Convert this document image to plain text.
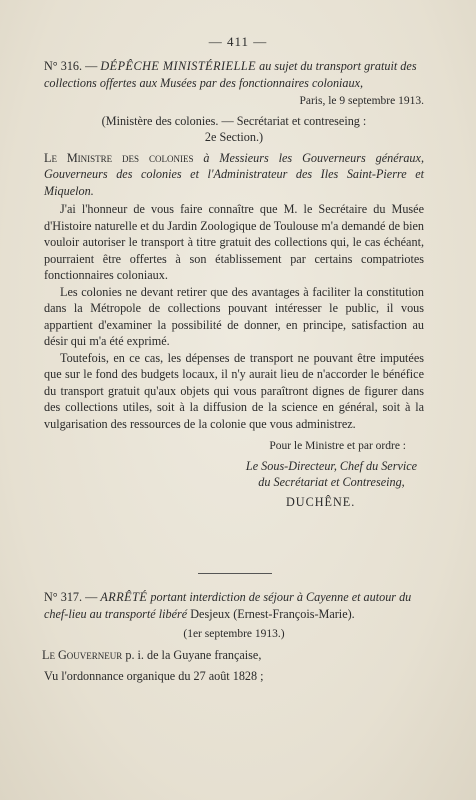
— 411 —

N° 316. — DÉPÊCHE MINISTÉRIELLE au sujet du transport gratuit des collections offertes aux Musées par des fonctionnaires coloniaux,

Paris, le 9 septembre 1913.

(Ministère des colonies. — Secrétariat et contreseing :

2e Section.)

Le Ministre des colonies à Messieurs les Gouverneurs généraux, Gouverneurs des colonies et l'Administrateur des Iles Saint-Pierre et Miquelon.

J'ai l'honneur de vous faire connaître que M. le Secrétaire du Musée d'Histoire naturelle et du Jardin Zoologique de Toulouse m'a demandé de bien vouloir autoriser le transport à titre gratuit des collections qui, le cas échéant, pourraient être offertes à son établissement par certains compatriotes fonctionnaires coloniaux.

Les colonies ne devant retirer que des avantages à faciliter la constitution dans la Métropole de collections pouvant intéresser le public, il vous appartient d'examiner la possibilité de donner, en principe, satisfaction au désir qui m'a été exprimé.

Toutefois, en ce cas, les dépenses de transport ne pouvant être imputées que sur le fond des budgets locaux, il n'y aurait lieu de n'accorder le bénéfice du transport gratuit qu'aux objets qui vous paraîtront dignes de figurer dans des collections utiles, soit à la diffusion de la science en général, soit à la vulgarisation des ressources de la colonie que vous administrez.

Pour le Ministre et par ordre :

Le Sous-Directeur, Chef du Service du Secrétariat et Contreseing,

DUCHÊNE.

N° 317. — ARRÊTÉ portant interdiction de séjour à Cayenne et autour du chef-lieu au transporté libéré Desjeux (Ernest-François-Marie).

(1er septembre 1913.)

Le Gouverneur p. i. de la Guyane française,

Vu l'ordonnance organique du 27 août 1828 ;
